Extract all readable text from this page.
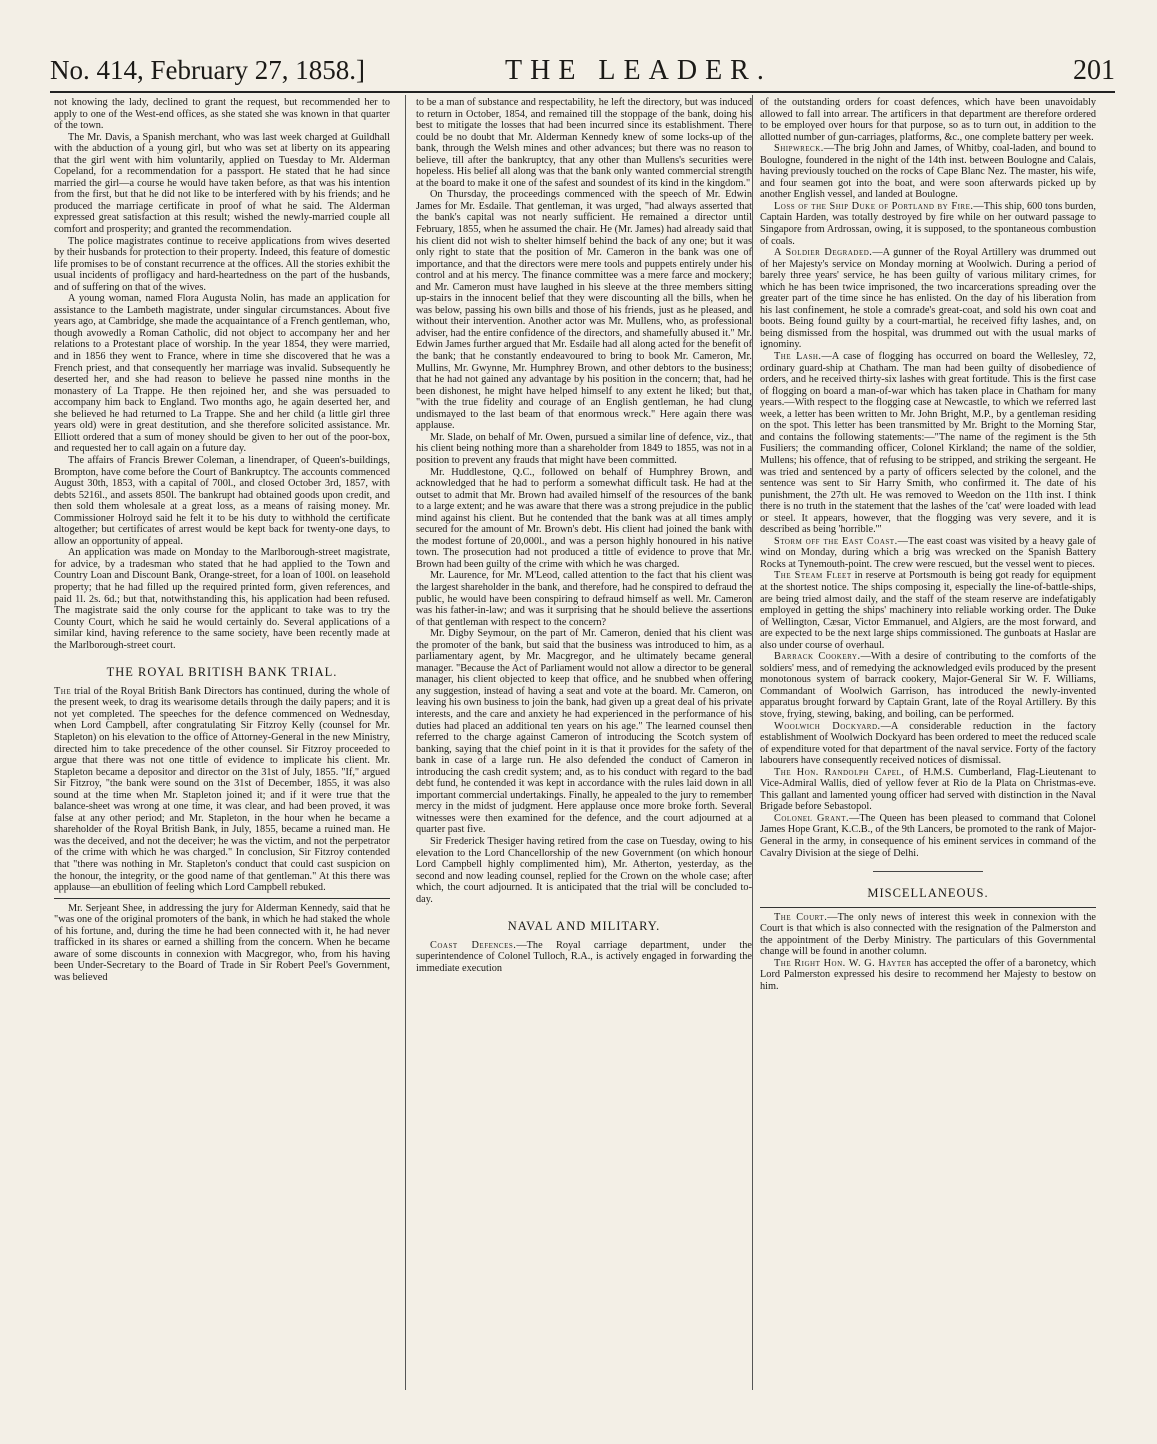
No. 414, February 27, 1858.]	THE LEADER.	201

not knowing the lady, declined to grant the request, but recommended her to apply to one of the West-end offices, as she stated she was known in that quarter of the town.

The Mr. Davis, a Spanish merchant, who was last week charged at Guildhall with the abduction of a young girl, but who was set at liberty on its appearing that the girl went with him voluntarily, applied on Tuesday to Mr. Alderman Copeland, for a recommendation for a passport. He stated that he had since married the girl—a course he would have taken before, as that was his intention from the first, but that he did not like to be interfered with by his friends; and he produced the marriage certificate in proof of what he said. The Alderman expressed great satisfaction at this result; wished the newly-married couple all comfort and prosperity; and granted the recommendation.

The police magistrates continue to receive applications from wives deserted by their husbands for protection to their property. Indeed, this feature of domestic life promises to be of constant recurrence at the offices. All the stories exhibit the usual incidents of profligacy and hard-heartedness on the part of the husbands, and of suffering on that of the wives.

A young woman, named Flora Augusta Nolin, has made an application for assistance to the Lambeth magistrate, under singular circumstances. About five years ago, at Cambridge, she made the acquaintance of a French gentleman, who, though avowedly a Roman Catholic, did not object to accompany her and her relations to a Protestant place of worship. In the year 1854, they were married, and in 1856 they went to France, where in time she discovered that he was a French priest, and that consequently her marriage was invalid. Subsequently he deserted her, and she had reason to believe he passed nine months in the monastery of La Trappe. He then rejoined her, and she was persuaded to accompany him back to England. Two months ago, he again deserted her, and she believed he had returned to La Trappe. She and her child (a little girl three years old) were in great destitution, and she therefore solicited assistance. Mr. Elliott ordered that a sum of money should be given to her out of the poor-box, and requested her to call again on a future day.

The affairs of Francis Brewer Coleman, a linendraper, of Queen's-buildings, Brompton, have come before the Court of Bankruptcy. The accounts commenced August 30th, 1853, with a capital of 700l., and closed October 3rd, 1857, with debts 5216l., and assets 850l. The bankrupt had obtained goods upon credit, and then sold them wholesale at a great loss, as a means of raising money. Mr. Commissioner Holroyd said he felt it to be his duty to withhold the certificate altogether; but certificates of arrest would be kept back for twenty-one days, to allow an opportunity of appeal.

An application was made on Monday to the Marlborough-street magistrate, for advice, by a tradesman who stated that he had applied to the Town and Country Loan and Discount Bank, Orange-street, for a loan of 100l. on leasehold property; that he had filled up the required printed form, given references, and paid 1l. 2s. 6d.; but that, notwithstanding this, his application had been refused. The magistrate said the only course for the applicant to take was to try the County Court, which he said he would certainly do. Several applications of a similar kind, having reference to the same society, have been recently made at the Marlborough-street court.

THE ROYAL BRITISH BANK TRIAL.

The trial of the Royal British Bank Directors has continued, during the whole of the present week, to drag its wearisome details through the daily papers; and it is not yet completed. The speeches for the defence commenced on Wednesday, when Lord Campbell, after congratulating Sir Fitzroy Kelly (counsel for Mr. Stapleton) on his elevation to the office of Attorney-General in the new Ministry, directed him to take precedence of the other counsel. Sir Fitzroy proceeded to argue that there was not one tittle of evidence to implicate his client. Mr. Stapleton became a depositor and director on the 31st of July, 1855. "If," argued Sir Fitzroy, "the bank were sound on the 31st of December, 1855, it was also sound at the time when Mr. Stapleton joined it; and if it were true that the balance-sheet was wrong at one time, it was clear, and had been proved, it was false at any other period; and Mr. Stapleton, in the hour when he became a shareholder of the Royal British Bank, in July, 1855, became a ruined man. He was the deceived, and not the deceiver; he was the victim, and not the perpetrator of the crime with which he was charged." In conclusion, Sir Fitzroy contended that "there was nothing in Mr. Stapleton's conduct that could cast suspicion on the honour, the integrity, or the good name of that gentleman." At this there was applause—an ebullition of feeling which Lord Campbell rebuked.

Mr. Serjeant Shee, in addressing the jury for Alderman Kennedy, said that he "was one of the original promoters of the bank, in which he had staked the whole of his fortune, and, during the time he had been connected with it, he had never trafficked in its shares or earned a shilling from the concern. When he became aware of some discounts in connexion with Macgregor, who, from his having been Under-Secretary to the Board of Trade in Sir Robert Peel's Government, was believed

to be a man of substance and respectability, he left the directory, but was induced to return in October, 1854, and remained till the stoppage of the bank, doing his best to mitigate the losses that had been incurred since its establishment. There could be no doubt that Mr. Alderman Kennedy knew of some locks-up of the bank, through the Welsh mines and other advances; but there was no reason to believe, till after the bankruptcy, that any other than Mullens's securities were hopeless. His belief all along was that the bank only wanted commercial strength at the board to make it one of the safest and soundest of its kind in the kingdom."

On Thursday, the proceedings commenced with the speech of Mr. Edwin James for Mr. Esdaile. That gentleman, it was urged, "had always asserted that the bank's capital was not nearly sufficient. He remained a director until February, 1855, when he assumed the chair. He (Mr. James) had already said that his client did not wish to shelter himself behind the back of any one; but it was only right to state that the position of Mr. Cameron in the bank was one of importance, and that the directors were mere tools and puppets entirely under his control and at his mercy. The finance committee was a mere farce and mockery; and Mr. Cameron must have laughed in his sleeve at the three members sitting up-stairs in the innocent belief that they were discounting all the bills, when he was below, passing his own bills and those of his friends, just as he pleased, and without their intervention. Another actor was Mr. Mullens, who, as professional adviser, had the entire confidence of the directors, and shamefully abused it." Mr. Edwin James further argued that Mr. Esdaile had all along acted for the benefit of the bank; that he constantly endeavoured to bring to book Mr. Cameron, Mr. Mullins, Mr. Gwynne, Mr. Humphrey Brown, and other debtors to the business; that he had not gained any advantage by his position in the concern; that, had he been dishonest, he might have helped himself to any extent he liked; but that, "with the true fidelity and courage of an English gentleman, he had clung undismayed to the last beam of that enormous wreck." Here again there was applause.

Mr. Slade, on behalf of Mr. Owen, pursued a similar line of defence, viz., that his client being nothing more than a shareholder from 1849 to 1855, was not in a position to prevent any frauds that might have been committed.

Mr. Huddlestone, Q.C., followed on behalf of Humphrey Brown, and acknowledged that he had to perform a somewhat difficult task. He had at the outset to admit that Mr. Brown had availed himself of the resources of the bank to a large extent; and he was aware that there was a strong prejudice in the public mind against his client. But he contended that the bank was at all times amply secured for the amount of Mr. Brown's debt. His client had joined the bank with the modest fortune of 20,000l., and was a person highly honoured in his native town. The prosecution had not produced a tittle of evidence to prove that Mr. Brown had been guilty of the crime with which he was charged.

Mr. Laurence, for Mr. M'Leod, called attention to the fact that his client was the largest shareholder in the bank, and therefore, had he conspired to defraud the public, he would have been conspiring to defraud himself as well. Mr. Cameron was his father-in-law; and was it surprising that he should believe the assertions of that gentleman with respect to the concern?

Mr. Digby Seymour, on the part of Mr. Cameron, denied that his client was the promoter of the bank, but said that the business was introduced to him, as a parliamentary agent, by Mr. Macgregor, and he ultimately became general manager. "Because the Act of Parliament would not allow a director to be general manager, his client objected to keep that office, and he snubbed when offering any suggestion, instead of having a seat and vote at the board. Mr. Cameron, on leaving his own business to join the bank, had given up a great deal of his private interests, and the care and anxiety he had experienced in the performance of his duties had placed an additional ten years on his age." The learned counsel then referred to the charge against Cameron of introducing the Scotch system of banking, saying that the chief point in it is that it provides for the safety of the bank in case of a large run. He also defended the conduct of Cameron in introducing the cash credit system; and, as to his conduct with regard to the bad debt fund, he contended it was kept in accordance with the rules laid down in all important commercial undertakings. Finally, he appealed to the jury to remember mercy in the midst of judgment. Here applause once more broke forth. Several witnesses were then examined for the defence, and the court adjourned at a quarter past five.

Sir Frederick Thesiger having retired from the case on Tuesday, owing to his elevation to the Lord Chancellorship of the new Government (on which honour Lord Campbell highly complimented him), Mr. Atherton, yesterday, as the second and now leading counsel, replied for the Crown on the whole case; after which, the court adjourned. It is anticipated that the trial will be concluded to-day.

NAVAL AND MILITARY.

Coast Defences.—The Royal carriage department, under the superintendence of Colonel Tulloch, R.A., is actively engaged in forwarding the immediate execution

of the outstanding orders for coast defences, which have been unavoidably allowed to fall into arrear. The artificers in that department are therefore ordered to be employed over hours for that purpose, so as to turn out, in addition to the allotted number of gun-carriages, platforms, &c., one complete battery per week.

Shipwreck.—The brig John and James, of Whitby, coal-laden, and bound to Boulogne, foundered in the night of the 14th inst. between Boulogne and Calais, having previously touched on the rocks of Cape Blanc Nez. The master, his wife, and four seamen got into the boat, and were soon afterwards picked up by another English vessel, and landed at Boulogne.

Loss of the Ship Duke of Portland by Fire.—This ship, 600 tons burden, Captain Harden, was totally destroyed by fire while on her outward passage to Singapore from Ardrossan, owing, it is supposed, to the spontaneous combustion of coals.

A Soldier Degraded.—A gunner of the Royal Artillery was drummed out of her Majesty's service on Monday morning at Woolwich. During a period of barely three years' service, he has been guilty of various military crimes, for which he has been twice imprisoned, the two incarcerations spreading over the greater part of the time since he has enlisted. On the day of his liberation from his last confinement, he stole a comrade's great-coat, and sold his own coat and boots. Being found guilty by a court-martial, he received fifty lashes, and, on being dismissed from the hospital, was drummed out with the usual marks of ignominy.

The Lash.—A case of flogging has occurred on board the Wellesley, 72, ordinary guard-ship at Chatham. The man had been guilty of disobedience of orders, and he received thirty-six lashes with great fortitude. This is the first case of flogging on board a man-of-war which has taken place in Chatham for many years.—With respect to the flogging case at Newcastle, to which we referred last week, a letter has been written to Mr. John Bright, M.P., by a gentleman residing on the spot. This letter has been transmitted by Mr. Bright to the Morning Star, and contains the following statements:—"The name of the regiment is the 5th Fusiliers; the commanding officer, Colonel Kirkland; the name of the soldier, Mullens; his offence, that of refusing to be stripped, and striking the sergeant. He was tried and sentenced by a party of officers selected by the colonel, and the sentence was sent to Sir Harry Smith, who confirmed it. The date of his punishment, the 27th ult. He was removed to Weedon on the 11th inst. I think there is no truth in the statement that the lashes of the 'cat' were loaded with lead or steel. It appears, however, that the flogging was very severe, and it is described as being 'horrible.'"

Storm off the East Coast.—The east coast was visited by a heavy gale of wind on Monday, during which a brig was wrecked on the Spanish Battery Rocks at Tynemouth-point. The crew were rescued, but the vessel went to pieces.

The Steam Fleet in reserve at Portsmouth is being got ready for equipment at the shortest notice. The ships composing it, especially the line-of-battle-ships, are being tried almost daily, and the staff of the steam reserve are indefatigably employed in getting the ships' machinery into reliable working order. The Duke of Wellington, Cæsar, Victor Emmanuel, and Algiers, are the most forward, and are expected to be the next large ships commissioned. The gunboats at Haslar are also under course of overhaul.

Barrack Cookery.—With a desire of contributing to the comforts of the soldiers' mess, and of remedying the acknowledged evils produced by the present monotonous system of barrack cookery, Major-General Sir W. F. Williams, Commandant of Woolwich Garrison, has introduced the newly-invented apparatus brought forward by Captain Grant, late of the Royal Artillery. By this stove, frying, stewing, baking, and boiling, can be performed.

Woolwich Dockyard.—A considerable reduction in the factory establishment of Woolwich Dockyard has been ordered to meet the reduced scale of expenditure voted for that department of the naval service. Forty of the factory labourers have consequently received notices of dismissal.

The Hon. Randolph Capel, of H.M.S. Cumberland, Flag-Lieutenant to Vice-Admiral Wallis, died of yellow fever at Rio de la Plata on Christmas-eve. This gallant and lamented young officer had served with distinction in the Naval Brigade before Sebastopol.

Colonel Grant.—The Queen has been pleased to command that Colonel James Hope Grant, K.C.B., of the 9th Lancers, be promoted to the rank of Major-General in the army, in consequence of his eminent services in command of the Cavalry Division at the siege of Delhi.

MISCELLANEOUS.

The Court.—The only news of interest this week in connexion with the Court is that which is also connected with the resignation of the Palmerston and the appointment of the Derby Ministry. The particulars of this Governmental change will be found in another column.

The Right Hon. W. G. Hayter has accepted the offer of a baronetcy, which Lord Palmerston expressed his desire to recommend her Majesty to bestow on him.
